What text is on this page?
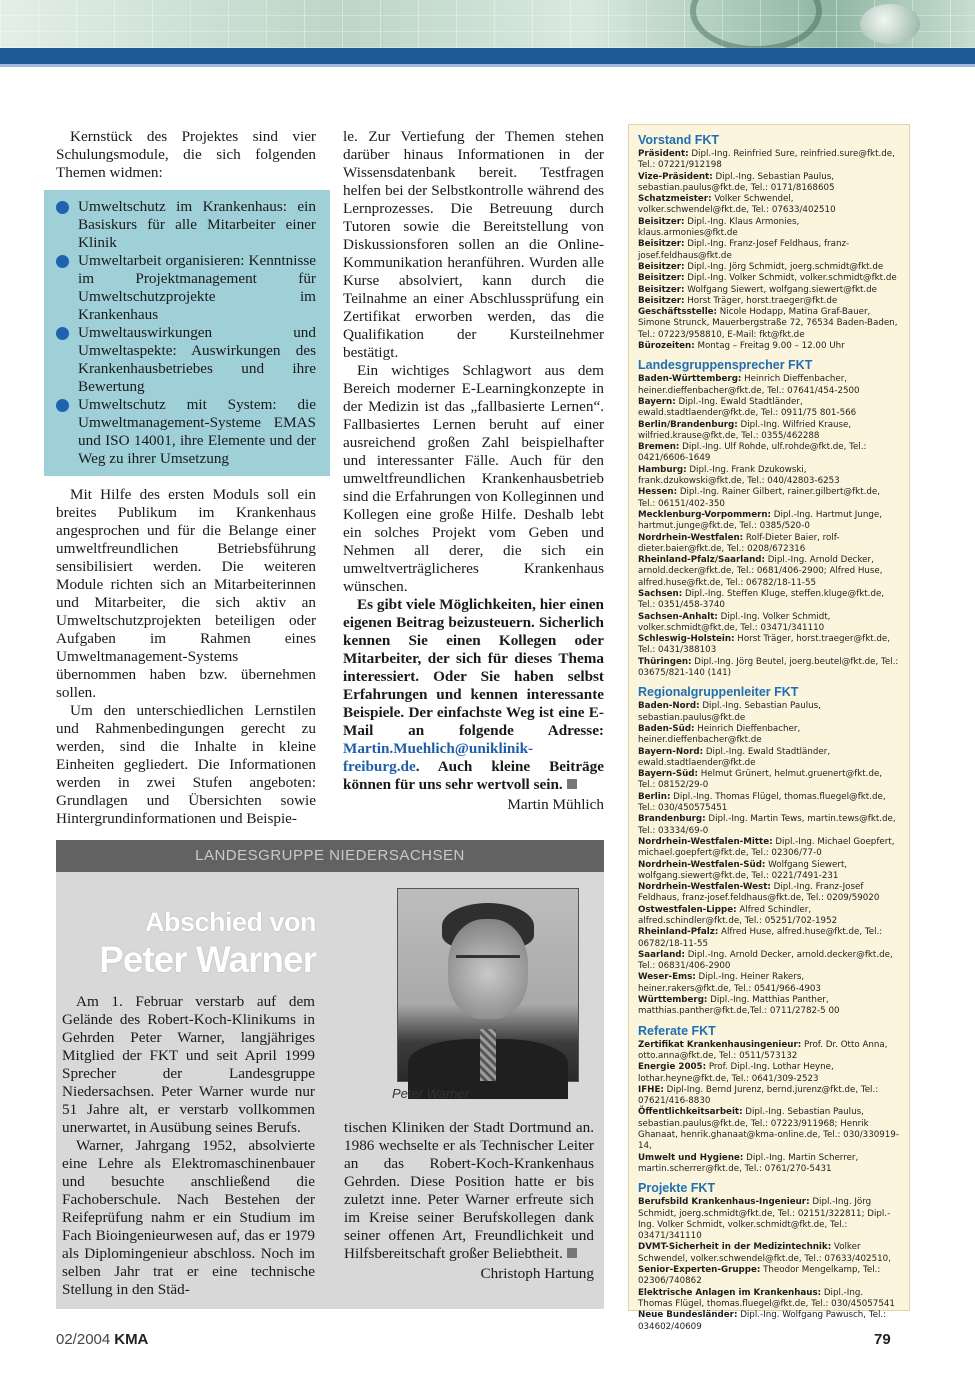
Kernstück des Projektes sind vier Schulungsmodule, die sich folgenden Themen widmen:

Umweltschutz im Krankenhaus: ein Basiskurs für alle Mitarbeiter einer Klinik
Umweltarbeit organisieren: Kenntnisse im Projektmanagement für Umweltschutzprojekte im Krankenhaus
Umweltauswirkungen und Umweltaspekte: Auswirkungen des Krankenhausbetriebes und ihre Bewertung
Umweltschutz mit System: die Umweltmanagement-Systeme EMAS und ISO 14001, ihre Elemente und der Weg zu ihrer Umsetzung

Mit Hilfe des ersten Moduls soll ein breites Publikum im Krankenhaus angesprochen und für die Belange einer umweltfreundlichen Betriebsführung sensibilisiert werden. Die weiteren Module richten sich an Mitarbeiterinnen und Mitarbeiter, die sich aktiv an Umweltschutzprojekten beteiligen oder Aufgaben im Rahmen eines Umweltmanagement-Systems übernommen haben bzw. übernehmen sollen.

Um den unterschiedlichen Lernstilen und Rahmenbedingungen gerecht zu werden, sind die Inhalte in kleine Einheiten gegliedert. Die Informationen werden in zwei Stufen angeboten: Grundlagen und Übersichten sowie Hintergrundinformationen und Beispie-

le. Zur Vertiefung der Themen stehen darüber hinaus Informationen in der Wissensdatenbank bereit. Testfragen helfen bei der Selbstkontrolle während des Lernprozesses. Die Betreuung durch Tutoren sowie die Bereitstellung von Diskussionsforen sollen an die Online-Kommunikation heranführen. Wurden alle Kurse absolviert, kann durch die Teilnahme an einer Abschlussprüfung ein Zertifikat erworben werden, das die Qualifikation der Kursteilnehmer bestätigt.

Ein wichtiges Schlagwort aus dem Bereich moderner E-Learningkonzepte in der Medizin ist das „fallbasierte Lernen“. Fallbasiertes Lernen beruht auf einer ausreichend großen Zahl beispielhafter und interessanter Fälle. Auch für den umweltfreundlichen Krankenhausbetrieb sind die Erfahrungen von Kolleginnen und Kollegen eine große Hilfe. Deshalb lebt ein solches Projekt vom Geben und Nehmen all derer, die sich ein umweltverträglicheres Krankenhaus wünschen.

Es gibt viele Möglichkeiten, hier einen eigenen Beitrag beizusteuern. Sicherlich kennen Sie einen Kollegen oder Mitarbeiter, der sich für dieses Thema interessiert. Oder Sie haben selbst Erfahrungen und kennen interessante Beispiele. Der einfachste Weg ist eine E-Mail an folgende Adresse: Martin.Muehlich@uniklinik-freiburg.de. Auch kleine Beiträge können für uns sehr wertvoll sein.

Martin Mühlich
LANDESGRUPPE NIEDERSACHSEN
Abschied von
Peter Warner
Peter Warner

Am 1. Februar verstarb auf dem Gelände des Robert-Koch-Klinikums in Gehrden Peter Warner, langjähriges Mitglied der FKT und seit April 1999 Sprecher der Landesgruppe Niedersachsen. Peter Warner wurde nur 51 Jahre alt, er verstarb vollkommen unerwartet, in Ausübung seines Berufs.

Warner, Jahrgang 1952, absolvierte eine Lehre als Elektromaschinenbauer und besuchte anschließend die Fachoberschule. Nach Bestehen der Reifeprüfung nahm er ein Studium im Fach Bioingenieurwesen auf, das er 1979 als Diplomingenieur abschloss. Noch im selben Jahr trat er eine technische Stellung in den Städ-

tischen Kliniken der Stadt Dortmund an. 1986 wechselte er als Technischer Leiter an das Robert-Koch-Krankenhaus Gehrden. Diese Position hatte er bis zuletzt inne. Peter Warner erfreute sich im Kreise seiner Berufskollegen dank seiner offenen Art, Freundlichkeit und Hilfsbereitschaft großer Beliebtheit.

Christoph Hartung
Vorstand FKT
Präsident: Dipl.-Ing. Reinfried Sure, reinfried.sure@fkt.de, Tel.: 07221/912198
Vize-Präsident: Dipl.-Ing. Sebastian Paulus, sebastian.paulus@fkt.de, Tel.: 0171/8168605
Schatzmeister: Volker Schwendel, volker.schwendel@fkt.de, Tel.: 07633/402510
Beisitzer: Dipl.-Ing. Klaus Armonies, klaus.armonies@fkt.de
Beisitzer: Dipl.-Ing. Franz-Josef Feldhaus, franz-josef.feldhaus@fkt.de
Beisitzer: Dipl.-Ing. Jörg Schmidt, joerg.schmidt@fkt.de
Beisitzer: Dipl.-Ing. Volker Schmidt, volker.schmidt@fkt.de
Beisitzer: Wolfgang Siewert, wolfgang.siewert@fkt.de
Beisitzer: Horst Träger, horst.traeger@fkt.de
Geschäftsstelle: Nicole Hodapp, Matina Graf-Bauer, Simone Strunck, Mauerbergstraße 72, 76534 Baden-Baden, Tel.: 07223/958810, E-Mail: fkt@fkt.de
Bürozeiten: Montag – Freitag 9.00 – 12.00 Uhr
Landesgruppensprecher FKT
Baden-Württemberg: Heinrich Dieffenbacher, heiner.dieffenbacher@fkt.de, Tel.: 07641/454-2500
Bayern: Dipl.-Ing. Ewald Stadtländer, ewald.stadtlaender@fkt.de, Tel.: 0911/75 801-566
Berlin/Brandenburg: Dipl.-Ing. Wilfried Krause, wilfried.krause@fkt.de, Tel.: 0355/462288
Bremen: Dipl.-Ing. Ulf Rohde, ulf.rohde@fkt.de, Tel.: 0421/6606-1649
Hamburg: Dipl.-Ing. Frank Dzukowski, frank.dzukowski@fkt.de, Tel.: 040/42803-6253
Hessen: Dipl.-Ing. Rainer Gilbert, rainer.gilbert@fkt.de, Tel.: 06151/402-350
Mecklenburg-Vorpommern: Dipl.-Ing. Hartmut Junge, hartmut.junge@fkt.de, Tel.: 0385/520-0
Nordrhein-Westfalen: Rolf-Dieter Baier, rolf-dieter.baier@fkt.de, Tel.: 0208/672316
Rheinland-Pfalz/Saarland: Dipl.-Ing. Arnold Decker, arnold.decker@fkt.de, Tel.: 0681/406-2900; Alfred Huse, alfred.huse@fkt.de, Tel.: 06782/18-11-55
Sachsen: Dipl.-Ing. Steffen Kluge, steffen.kluge@fkt.de, Tel.: 0351/458-3740
Sachsen-Anhalt: Dipl.-Ing. Volker Schmidt, volker.schmidt@fkt.de, Tel.: 03471/341110
Schleswig-Holstein: Horst Träger, horst.traeger@fkt.de, Tel.: 0431/388103
Thüringen: Dipl.-Ing. Jörg Beutel, joerg.beutel@fkt.de, Tel.: 03675/821-140 (141)
Regionalgruppenleiter FKT
Baden-Nord: Dipl.-Ing. Sebastian Paulus, sebastian.paulus@fkt.de
Baden-Süd: Heinrich Dieffenbacher, heiner.dieffenbacher@fkt.de
Bayern-Nord: Dipl.-Ing. Ewald Stadtländer, ewald.stadtlaender@fkt.de
Bayern-Süd: Helmut Grünert, helmut.gruenert@fkt.de, Tel.: 08152/29-0
Berlin: Dipl.-Ing. Thomas Flügel, thomas.fluegel@fkt.de, Tel.: 030/450575451
Brandenburg: Dipl.-Ing. Martin Tews, martin.tews@fkt.de, Tel.: 03334/69-0
Nordrhein-Westfalen-Mitte: Dipl.-Ing. Michael Goepfert, michael.goepfert@fkt.de, Tel.: 02306/77-0
Nordrhein-Westfalen-Süd: Wolfgang Siewert, wolfgang.siewert@fkt.de, Tel.: 0221/7491-231
Nordrhein-Westfalen-West: Dipl.-Ing. Franz-Josef Feldhaus, franz-josef.feldhaus@fkt.de, Tel.: 0209/59020
Ostwestfalen-Lippe: Alfred Schindler, alfred.schindler@fkt.de, Tel.: 05251/702-1952
Rheinland-Pfalz: Alfred Huse, alfred.huse@fkt.de, Tel.: 06782/18-11-55
Saarland: Dipl.-Ing. Arnold Decker, arnold.decker@fkt.de, Tel.: 06831/406-2900
Weser-Ems: Dipl.-Ing. Heiner Rakers, heiner.rakers@fkt.de, Tel.: 0541/966-4903
Württemberg: Dipl.-Ing. Matthias Panther, matthias.panther@fkt.de,Tel.: 0711/2782-5 00
Referate FKT
Zertifikat Krankenhausingenieur: Prof. Dr. Otto Anna, otto.anna@fkt.de, Tel.: 0511/573132
Energie 2005: Prof. Dipl.-Ing. Lothar Heyne, lothar.heyne@fkt.de, Tel.: 0641/309-2523
IFHE: Dipl-Ing. Bernd Jurenz, bernd.jurenz@fkt.de, Tel.: 07621/416-8830
Öffentlichkeitsarbeit: Dipl.-Ing. Sebastian Paulus, sebastian.paulus@fkt.de, Tel.: 07223/911968; Henrik Ghanaat, henrik.ghanaat@kma-online.de, Tel.: 030/330919-14,
Umwelt und Hygiene: Dipl.-Ing. Martin Scherrer, martin.scherrer@fkt.de, Tel.: 0761/270-5431
Projekte FKT
Berufsbild Krankenhaus-Ingenieur: Dipl.-Ing. Jörg Schmidt, joerg.schmidt@fkt.de, Tel.: 02151/322811; Dipl.-Ing. Volker Schmidt, volker.schmidt@fkt.de, Tel.: 03471/341110
DVMT-Sicherheit in der Medizintechnik: Volker Schwendel, volker.schwendel@fkt.de, Tel.: 07633/402510,
Senior-Experten-Gruppe: Theodor Mengelkamp, Tel.: 02306/740862
Elektrische Anlagen im Krankenhaus: Dipl.-Ing. Thomas Flügel, thomas.fluegel@fkt.de, Tel.: 030/45057541
Neue Bundesländer: Dipl.-Ing. Wolfgang Pawusch, Tel.: 034602/40609
02/2004 KMA	79
